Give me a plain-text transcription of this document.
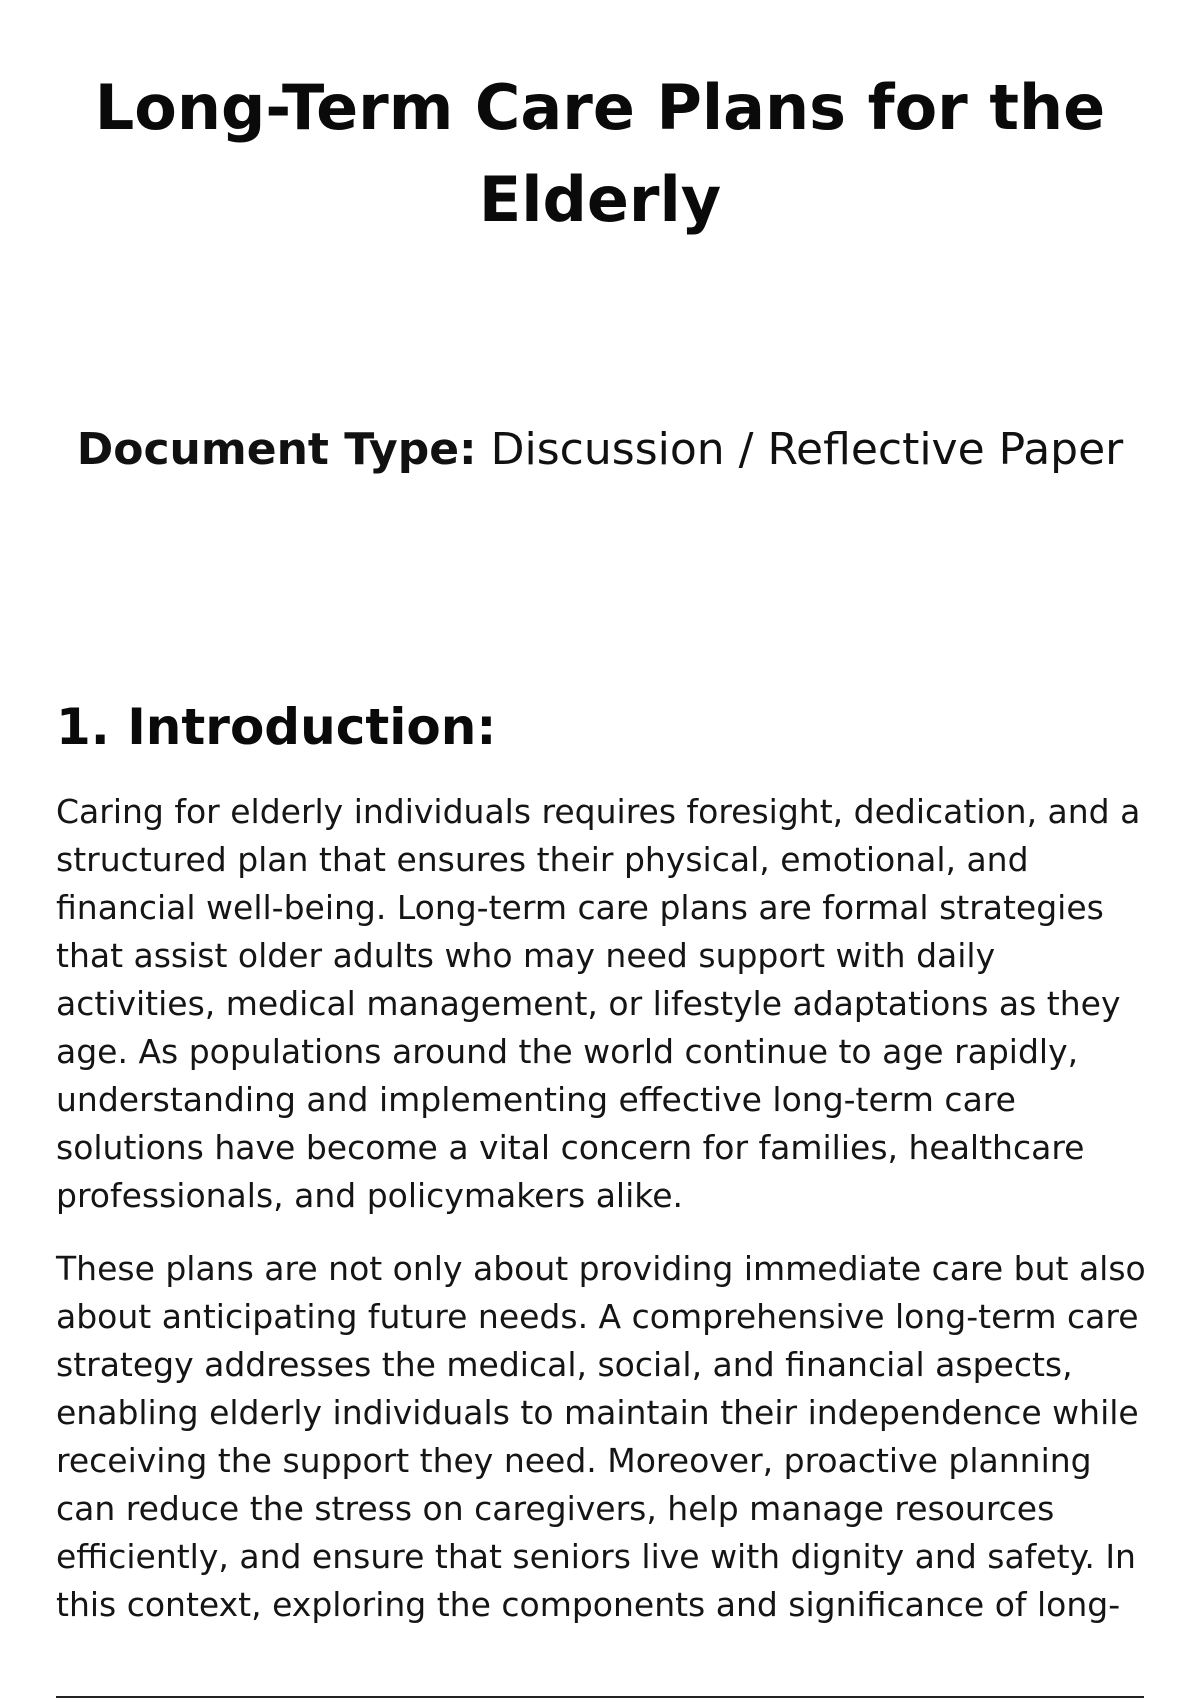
Long-Term Care Plans for the
Elderly
Document Type: Discussion / Reflective Paper
1. Introduction:

Caring for elderly individuals requires foresight, dedication, and a
structured plan that ensures their physical, emotional, and
financial well-being. Long-term care plans are formal strategies
that assist older adults who may need support with daily
activities, medical management, or lifestyle adaptations as they
age. As populations around the world continue to age rapidly,
understanding and implementing effective long-term care
solutions have become a vital concern for families, healthcare
professionals, and policymakers alike.

These plans are not only about providing immediate care but also
about anticipating future needs. A comprehensive long-term care
strategy addresses the medical, social, and financial aspects,
enabling elderly individuals to maintain their independence while
receiving the support they need. Moreover, proactive planning
can reduce the stress on caregivers, help manage resources
efficiently, and ensure that seniors live with dignity and safety. In
this context, exploring the components and significance of long-
